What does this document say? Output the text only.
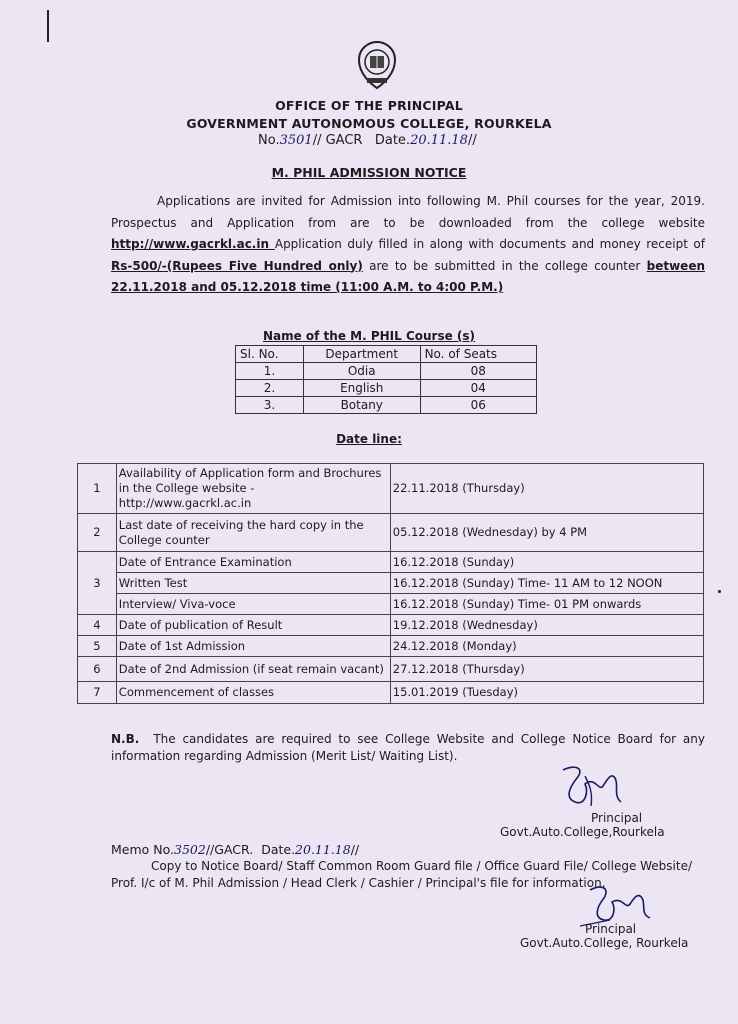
OFFICE OF THE PRINCIPAL
GOVERNMENT AUTONOMOUS COLLEGE, ROURKELA
No.3501// GACR Date.20.11.18//
M. PHIL ADMISSION NOTICE
Applications are invited for Admission into following M. Phil courses for the year, 2019. Prospectus and Application from are to be downloaded from the college website http://www.gacrkl.ac.in Application duly filled in along with documents and money receipt of Rs-500/-(Rupees Five Hundred only) are to be submitted in the college counter between 22.11.2018 and 05.12.2018 time (11:00 A.M. to 4:00 P.M.)
Name of the M. PHIL Course (s)
Sl. No.	Department	No. of Seats
1.	Odia	08
2.	English	04
3.	Botany	06
Date line:
1	Availability of Application form and Brochures in the College website - http://www.gacrkl.ac.in	22.11.2018 (Thursday)
2	Last date of receiving the hard copy in the College counter	05.12.2018 (Wednesday) by 4 PM
3	Date of Entrance Examination	16.12.2018 (Sunday)
	Written Test	16.12.2018 (Sunday) Time- 11 AM to 12 NOON
	Interview/ Viva-voce	16.12.2018 (Sunday) Time- 01 PM onwards
4	Date of publication of Result	19.12.2018 (Wednesday)
5	Date of 1st Admission	24.12.2018 (Monday)
6	Date of 2nd Admission (if seat remain vacant)	27.12.2018 (Thursday)
7	Commencement of classes	15.01.2019 (Tuesday)
N.B. The candidates are required to see College Website and College Notice Board for any information regarding Admission (Merit List/ Waiting List).
Principal
Govt.Auto.College,Rourkela
Memo No.3502//GACR. Date.20.11.18//
Copy to Notice Board/ Staff Common Room Guard file / Office Guard File/ College Website/ Prof. I/c of M. Phil Admission / Head Clerk / Cashier / Principal's file for information.
Principal
Govt.Auto.College, Rourkela
